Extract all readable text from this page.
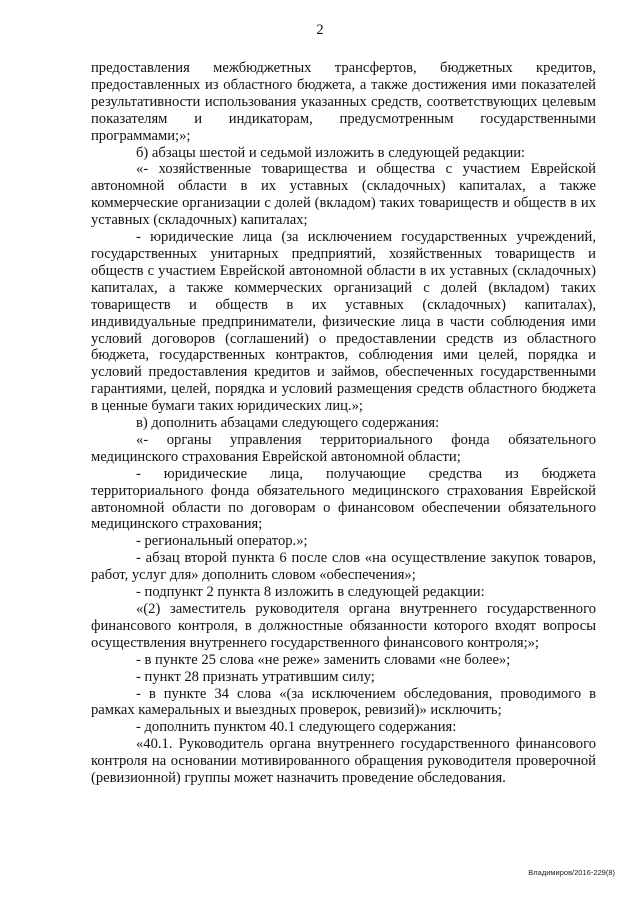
2

предоставления межбюджетных трансфертов, бюджетных кредитов, предоставленных из областного бюджета, а также достижения ими показателей результативности использования указанных средств, соответствующих целевым показателям и индикаторам, предусмотренным государственными программами;»;

б) абзацы шестой и седьмой изложить в следующей редакции:

«- хозяйственные товарищества и общества с участием Еврейской автономной области в их уставных (складочных) капиталах, а также коммерческие организации с долей (вкладом) таких товариществ и обществ в их уставных (складочных) капиталах;

- юридические лица (за исключением государственных учреждений, государственных унитарных предприятий, хозяйственных товариществ и обществ с участием Еврейской автономной области в их уставных (складочных) капиталах, а также коммерческих организаций с долей (вкладом) таких товариществ и обществ в их уставных (складочных) капиталах), индивидуальные предприниматели, физические лица в части соблюдения ими условий договоров (соглашений) о предоставлении средств из областного бюджета, государственных контрактов, соблюдения ими целей, порядка и условий предоставления кредитов и займов, обеспеченных государственными гарантиями, целей, порядка и условий размещения средств областного бюджета в ценные бумаги таких юридических лиц.»;

в) дополнить абзацами следующего содержания:

«- органы управления территориального фонда обязательного медицинского страхования Еврейской автономной области;

- юридические лица, получающие средства из бюджета территориального фонда обязательного медицинского страхования Еврейской автономной области по договорам о финансовом обеспечении обязательного медицинского страхования;

- региональный оператор.»;

- абзац второй пункта 6 после слов «на осуществление закупок товаров, работ, услуг для» дополнить словом «обеспечения»;

- подпункт 2 пункта 8 изложить в следующей редакции:

«(2) заместитель руководителя органа внутреннего государственного финансового контроля, в должностные обязанности которого входят вопросы осуществления внутреннего государственного финансового контроля;»;

- в пункте 25 слова «не реже» заменить словами «не более»;

- пункт 28 признать утратившим силу;

- в пункте 34 слова «(за исключением обследования, проводимого в рамках камеральных и выездных проверок, ревизий)» исключить;

- дополнить пунктом 40.1 следующего содержания:

«40.1. Руководитель органа внутреннего государственного финансового контроля на основании мотивированного обращения руководителя проверочной (ревизионной) группы может назначить проведение обследования.

Владимиров/2016-229(8)
